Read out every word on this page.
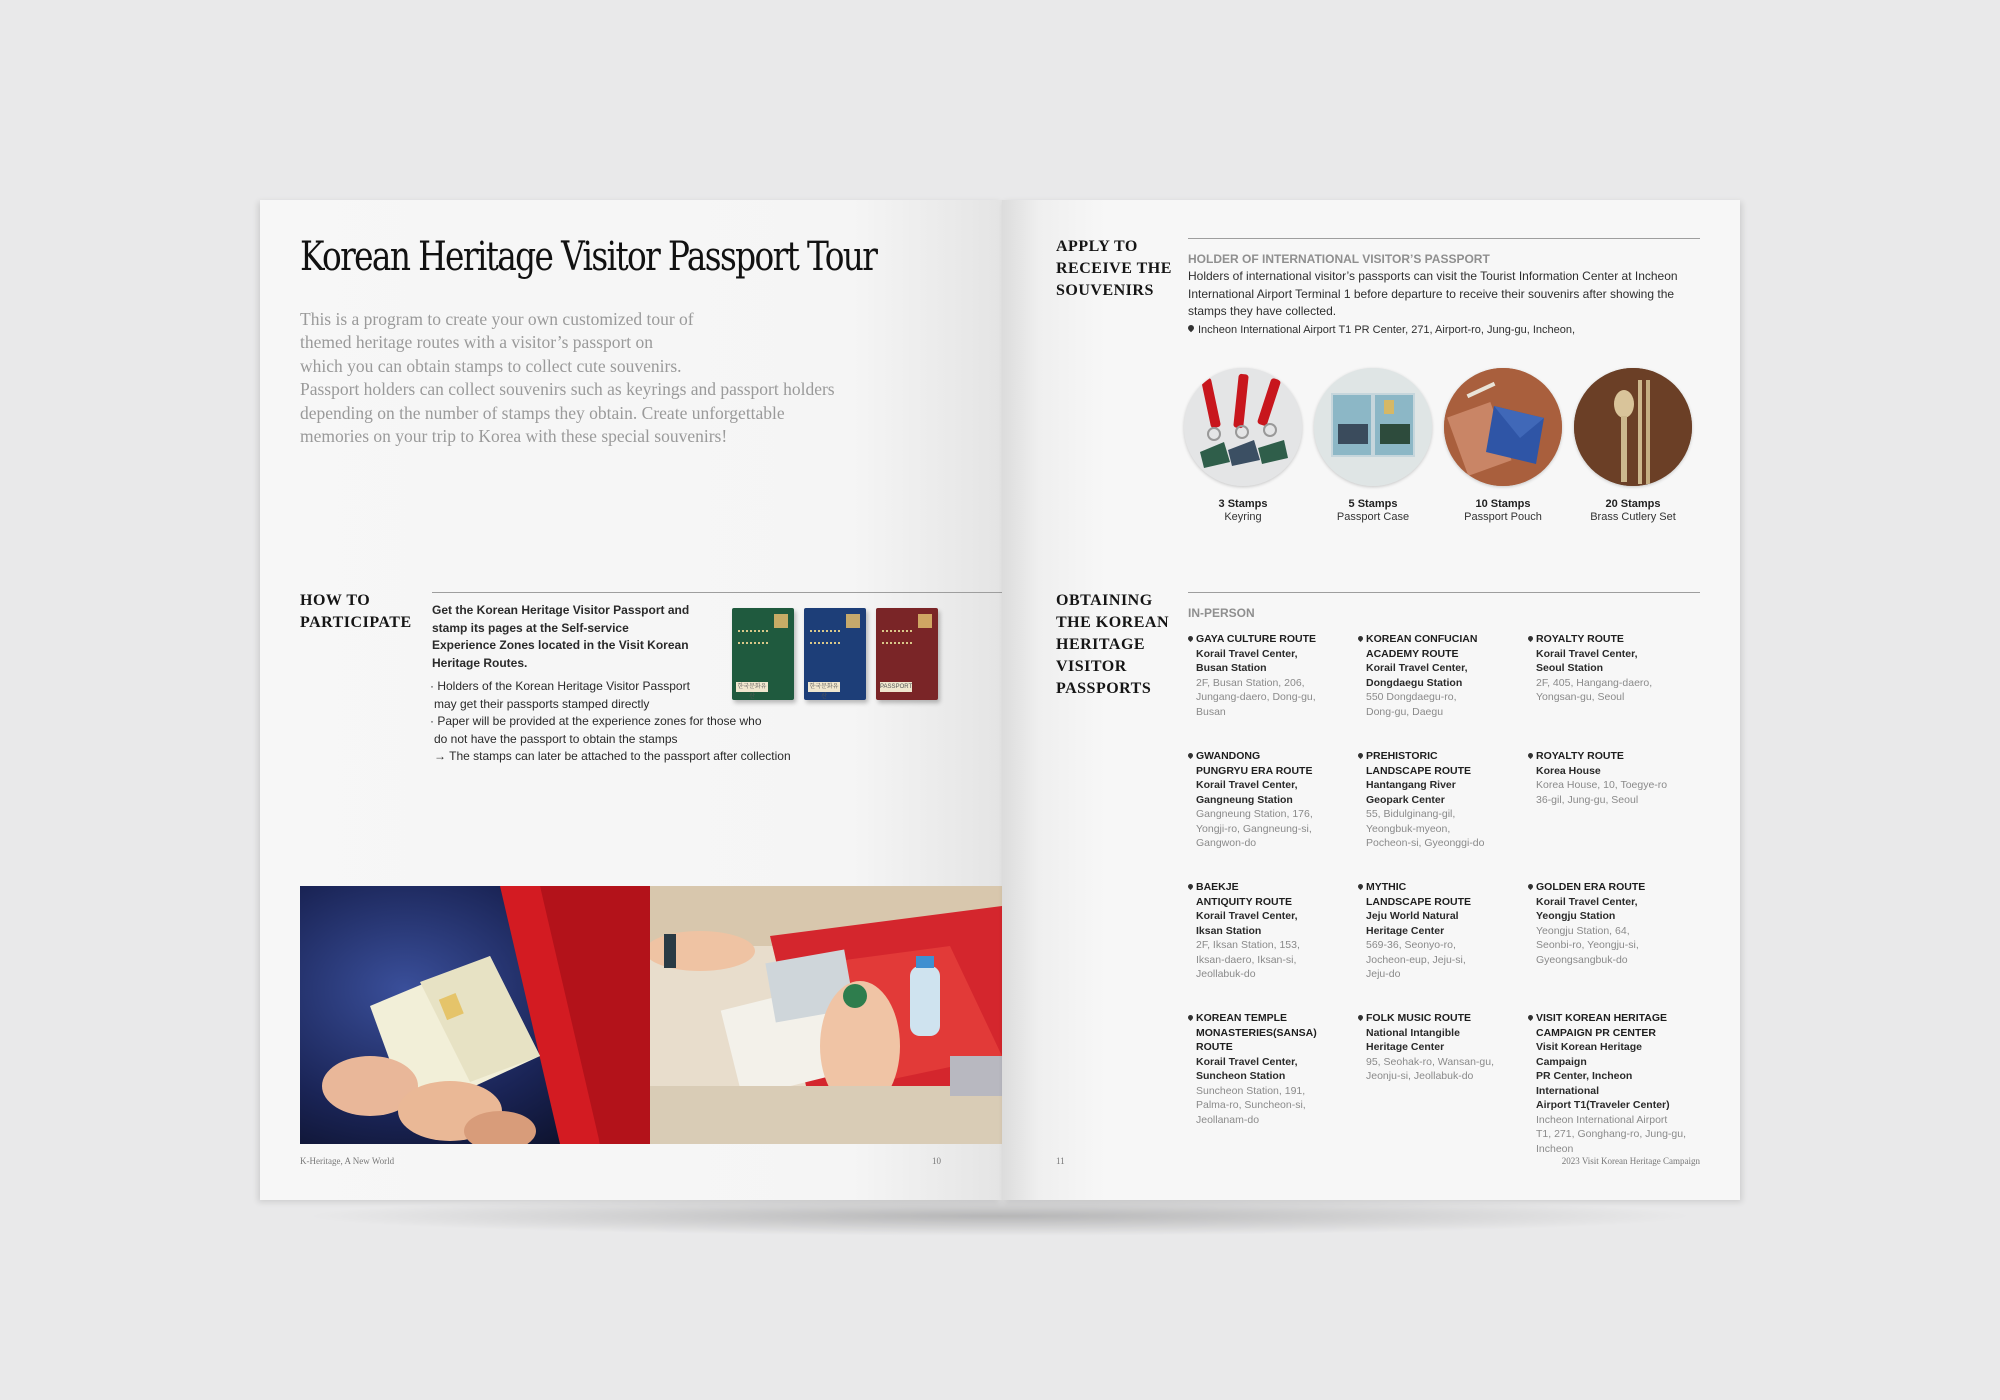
Korean Heritage Visitor Passport Tour

This is a program to create your own customized tour of

themed heritage routes with a visitor’s passport on

which you can obtain stamps to collect cute souvenirs.

Passport holders can collect souvenirs such as keyrings and passport holders

depending on the number of stamps they obtain. Create unforgettable

memories on your trip to Korea with these special souvenirs!

HOW TO
PARTICIPATE

Get the Korean Heritage Visitor Passport and stamp its pages at the Self-service Experience Zones located in the Visit Korean Heritage Routes.

· Holders of the Korean Heritage Visitor Passport
may get their passports stamped directly
· Paper will be provided at the experience zones for those who
do not have the passport to obtain the stamps
→ The stamps can later be attached to the passport after collection
한국문화유산
한국문화유산
PASSPORT
K-Heritage, A New World	10
APPLY TO
RECEIVE THE
SOUVENIRS

HOLDER OF INTERNATIONAL VISITOR’S PASSPORT

Holders of international visitor’s passports can visit the Tourist Information Center at Incheon International Airport Terminal 1 before departure to receive their souvenirs after showing the stamps they have collected.

Incheon International Airport T1 PR Center, 271, Airport-ro, Jung-gu, Incheon,

3 Stamps
Keyring
5 Stamps
Passport Case
10 Stamps
Passport Pouch
20 Stamps
Brass Cutlery Set
OBTAINING
THE KOREAN
HERITAGE
VISITOR
PASSPORTS

IN-PERSON

GAYA CULTURE ROUTE
Korail Travel Center,
Busan Station
2F, Busan Station, 206,
Jungang-daero, Dong-gu,
Busan
KOREAN CONFUCIAN
ACADEMY ROUTE
Korail Travel Center,
Dongdaegu Station
550 Dongdaegu-ro,
Dong-gu, Daegu
ROYALTY ROUTE
Korail Travel Center,
Seoul Station
2F, 405, Hangang-daero,
Yongsan-gu, Seoul
GWANDONG
PUNGRYU ERA ROUTE
Korail Travel Center,
Gangneung Station
Gangneung Station, 176,
Yongji-ro, Gangneung-si,
Gangwon-do
PREHISTORIC
LANDSCAPE ROUTE
Hantangang River
Geopark Center
55, Bidulginang-gil,
Yeongbuk-myeon,
Pocheon-si, Gyeonggi-do
ROYALTY ROUTE
Korea House
Korea House, 10, Toegye-ro
36-gil, Jung-gu, Seoul
BAEKJE
ANTIQUITY ROUTE
Korail Travel Center,
Iksan Station
2F, Iksan Station, 153,
Iksan-daero, Iksan-si,
Jeollabuk-do
MYTHIC
LANDSCAPE ROUTE
Jeju World Natural
Heritage Center
569-36, Seonyo-ro,
Jocheon-eup, Jeju-si,
Jeju-do
GOLDEN ERA ROUTE
Korail Travel Center,
Yeongju Station
Yeongju Station, 64,
Seonbi-ro, Yeongju-si,
Gyeongsangbuk-do
KOREAN TEMPLE
MONASTERIES(SANSA)
ROUTE
Korail Travel Center,
Suncheon Station
Suncheon Station, 191,
Palma-ro, Suncheon-si,
Jeollanam-do
FOLK MUSIC ROUTE
National Intangible
Heritage Center
95, Seohak-ro, Wansan-gu,
Jeonju-si, Jeollabuk-do
VISIT KOREAN HERITAGE
CAMPAIGN PR CENTER
Visit Korean Heritage Campaign
PR Center, Incheon International
Airport T1(Traveler Center)
Incheon International Airport
T1, 271, Gonghang-ro, Jung-gu,
Incheon
11	2023 Visit Korean Heritage Campaign
